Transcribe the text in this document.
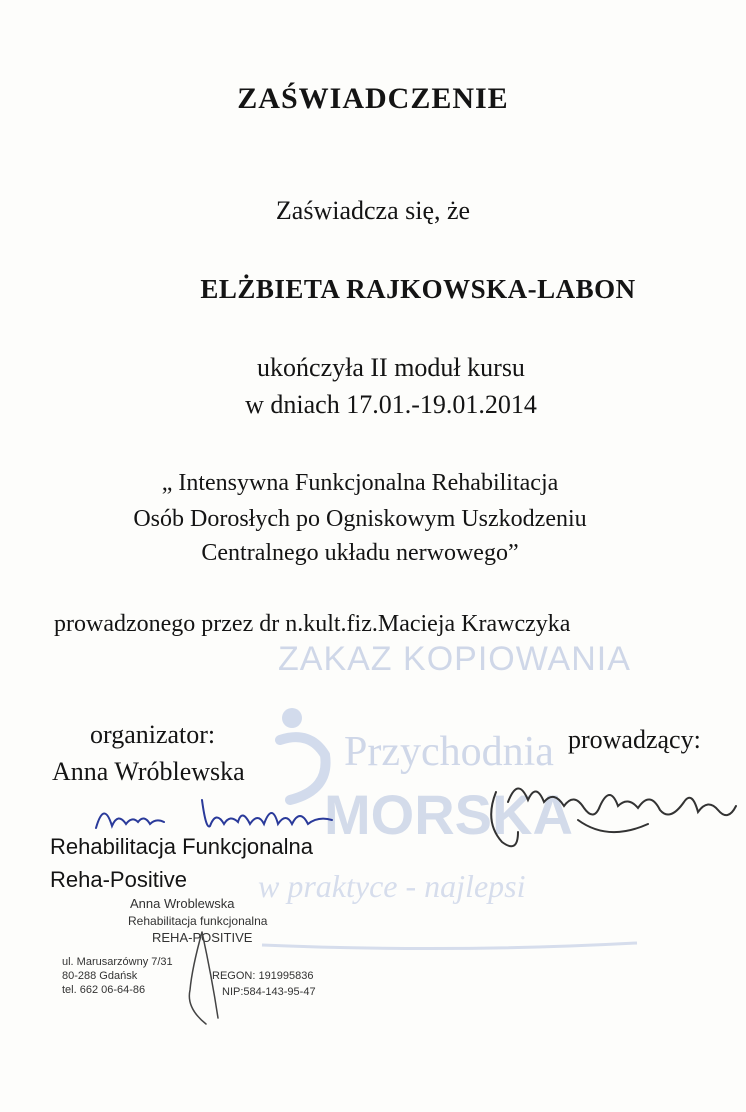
ZAKAZ KOPIOWANIA
Przychodnia
MORSKA
w praktyce - najlepsi
ZAŚWIADCZENIE
Zaświadcza się, że
ELŻBIETA RAJKOWSKA-LABON
ukończyła II moduł kursu
w dniach 17.01.-19.01.2014
„ Intensywna Funkcjonalna Rehabilitacja
Osób Dorosłych po Ogniskowym Uszkodzeniu
Centralnego układu nerwowego”
prowadzonego przez dr n.kult.fiz.Macieja Krawczyka
organizator:
Anna Wróblewska
Rehabilitacja Funkcjonalna
Reha-Positive
prowadzący:
Anna Wroblewska
Rehabilitacja funkcjonalna
REHA-POSITIVE
ul. Marusarzówny 7/31
80-288 Gdańsk
tel. 662 06-64-86
REGON: 191995836
NIP:584-143-95-47
